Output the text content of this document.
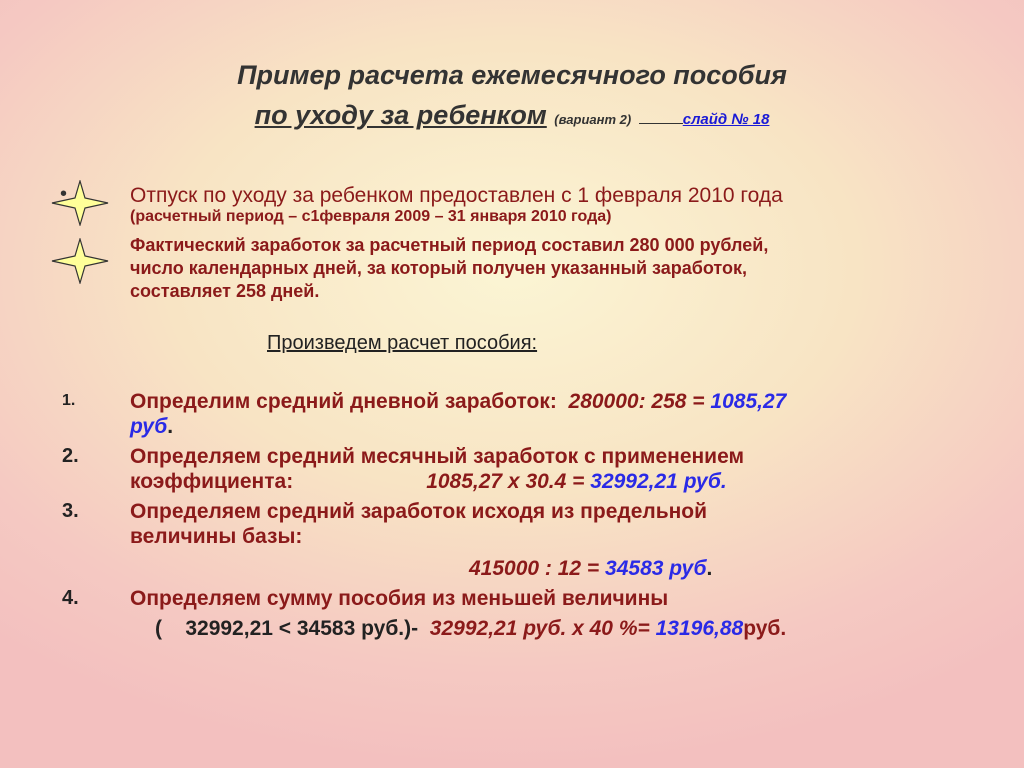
Пример расчета ежемесячного пособия
по уходу за ребенком (вариант 2)	слайд № 18
•	Отпуск по уходу за ребенком предоставлен с 1 февраля 2010 года
(расчетный период – с1февраля 2009 – 31 января 2010 года)
Фактический заработок за расчетный период составил 280 000 рублей,
число календарных дней, за который получен указанный заработок,
составляет 258 дней.
Произведем расчет пособия:
1.	Определим средний дневной заработок: 280000: 258 = 1085,27
руб.
2. Определяем средний месячный заработок с применением
коэффициента:	1085,27 х 30.4 = 32992,21 руб.
3. Определяем средний заработок исходя из предельной
величины базы:
415000 : 12 = 34583 руб.
4. Определяем сумму пособия из меньшей величины
( 32992,21 < 34583 руб.)- 32992,21 руб. х 40 %= 13196,88руб.
